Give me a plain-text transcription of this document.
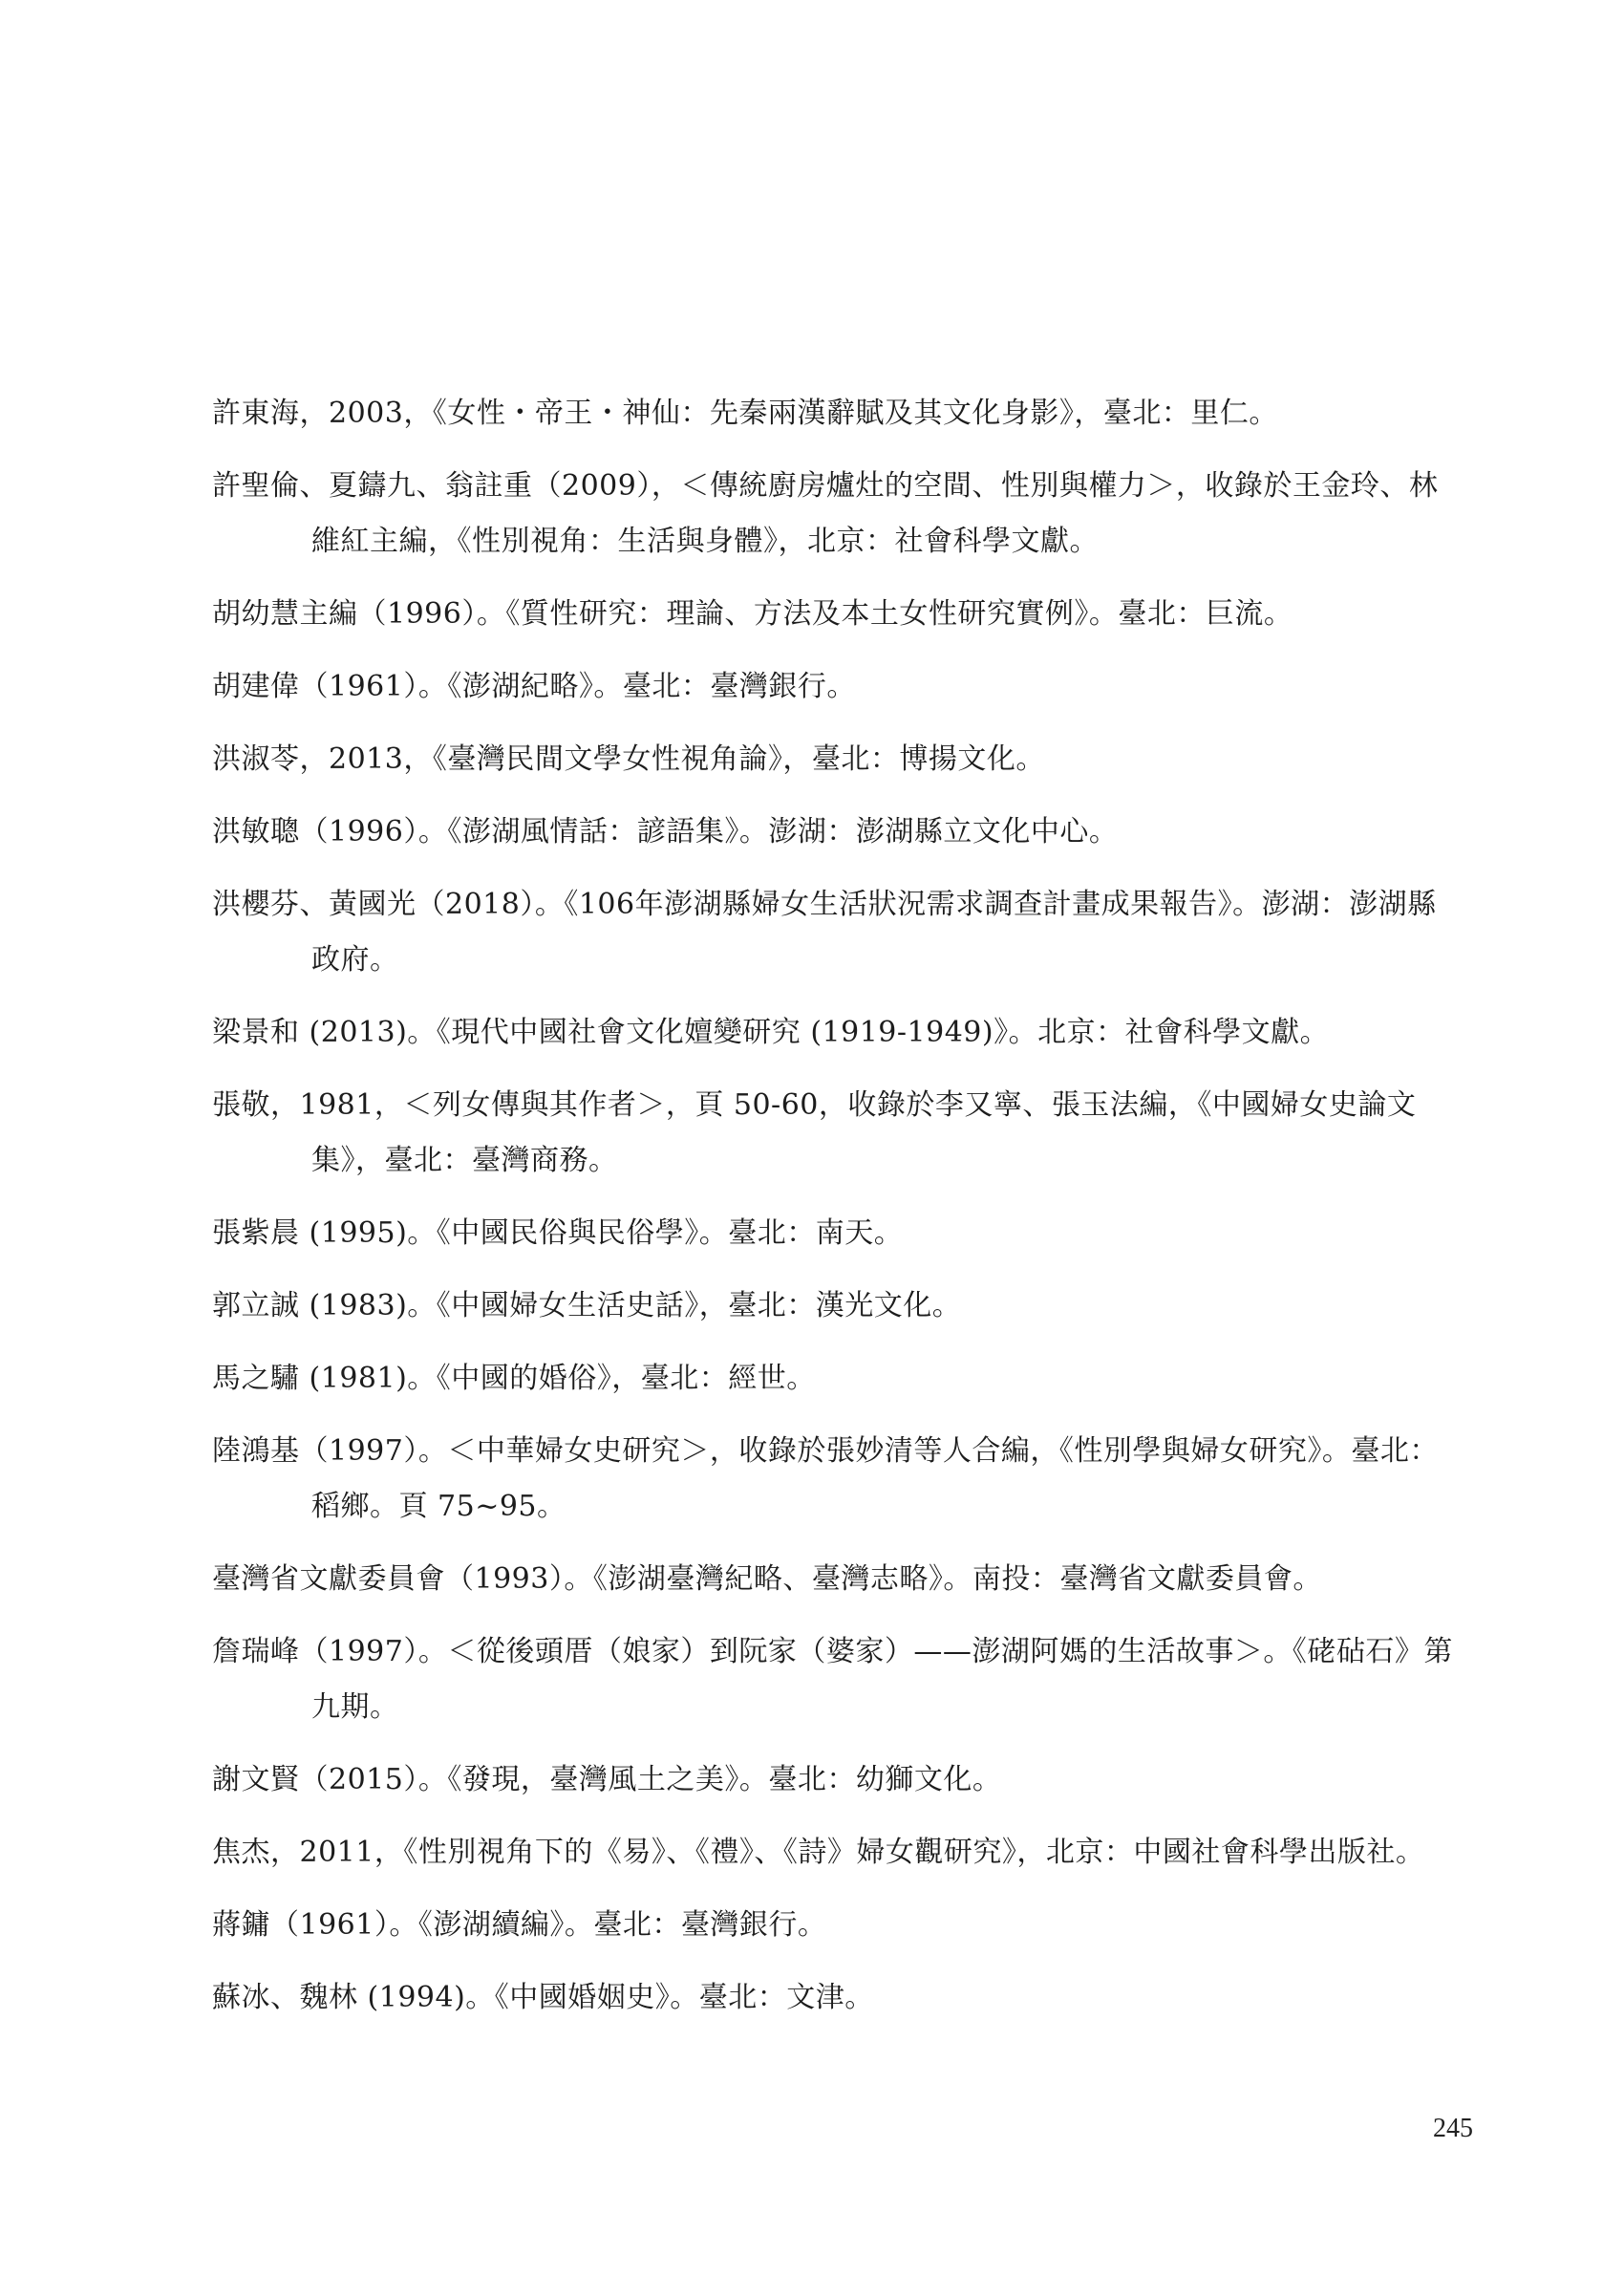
許東海，2003，《女性・帝王・神仙：先秦兩漢辭賦及其文化身影》，臺北：里仁。
許聖倫、夏鑄九、翁註重（2009），＜傳統廚房爐灶的空間、性別與權力＞，收錄於王金玲、林維紅主編，《性別視角：生活與身體》，北京：社會科學文獻。
胡幼慧主編（1996）。《質性研究：理論、方法及本土女性研究實例》。臺北：巨流。
胡建偉（1961）。《澎湖紀略》。臺北：臺灣銀行。
洪淑苓，2013，《臺灣民間文學女性視角論》，臺北：博揚文化。
洪敏聰（1996）。《澎湖風情話：諺語集》。澎湖：澎湖縣立文化中心。
洪櫻芬、黃國光（2018）。《106年澎湖縣婦女生活狀況需求調查計畫成果報告》。澎湖：澎湖縣政府。
梁景和 (2013)。《現代中國社會文化嬗變研究 (1919-1949)》。北京：社會科學文獻。
張敬，1981，＜列女傳與其作者＞，頁 50-60，收錄於李又寧、張玉法編，《中國婦女史論文集》，臺北：臺灣商務。
張紫晨 (1995)。《中國民俗與民俗學》。臺北：南天。
郭立誠 (1983)。《中國婦女生活史話》，臺北：漢光文化。
馬之驌 (1981)。《中國的婚俗》，臺北：經世。
陸鴻基（1997）。＜中華婦女史研究＞，收錄於張妙清等人合編，《性別學與婦女研究》。臺北：稻鄉。頁 75~95。
臺灣省文獻委員會（1993）。《澎湖臺灣紀略、臺灣志略》。南投：臺灣省文獻委員會。
詹瑞峰（1997）。＜從後頭厝（娘家）到阮家（婆家）——澎湖阿媽的生活故事＞。《硓砧石》第九期。
謝文賢（2015）。《發現，臺灣風土之美》。臺北：幼獅文化。
焦杰，2011，《性別視角下的《易》、《禮》、《詩》婦女觀研究》，北京：中國社會科學出版社。
蔣鏞（1961）。《澎湖續編》。臺北：臺灣銀行。
蘇冰、魏林 (1994)。《中國婚姻史》。臺北：文津。
245
